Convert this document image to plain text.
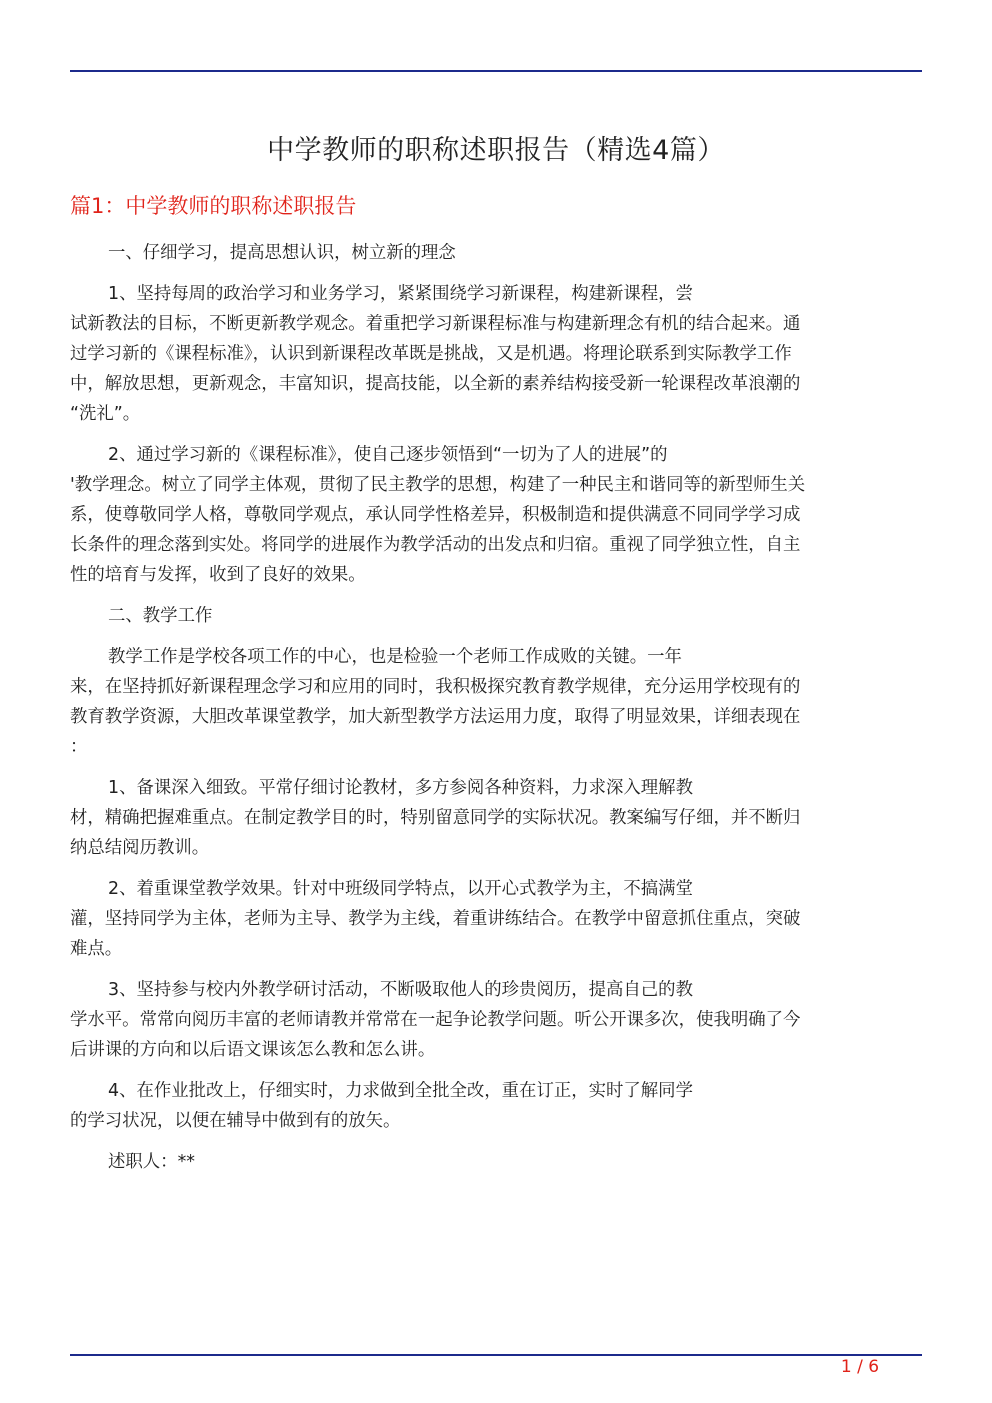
中学教师的职称述职报告（精选4篇）
篇1：中学教师的职称述职报告

一、仔细学习，提高思想认识，树立新的理念

1、坚持每周的政治学习和业务学习，紧紧围绕学习新课程，构建新课程，尝
试新教法的目标，不断更新教学观念。着重把学习新课程标准与构建新理念有机的结合起来。通
过学习新的《课程标准》，认识到新课程改革既是挑战，又是机遇。将理论联系到实际教学工作
中，解放思想，更新观念，丰富知识，提高技能，以全新的素养结构接受新一轮课程改革浪潮的
“洗礼”。

2、通过学习新的《课程标准》，使自己逐步领悟到“一切为了人的进展”的
'教学理念。树立了同学主体观，贯彻了民主教学的思想，构建了一种民主和谐同等的新型师生关
系，使尊敬同学人格，尊敬同学观点，承认同学性格差异，积极制造和提供满意不同同学学习成
长条件的理念落到实处。将同学的进展作为教学活动的出发点和归宿。重视了同学独立性，自主
性的培育与发挥，收到了良好的效果。

二、教学工作

教学工作是学校各项工作的中心，也是检验一个老师工作成败的关键。一年
来，在坚持抓好新课程理念学习和应用的同时，我积极探究教育教学规律，充分运用学校现有的
教育教学资源，大胆改革课堂教学，加大新型教学方法运用力度，取得了明显效果，详细表现在
：

1、备课深入细致。平常仔细讨论教材，多方参阅各种资料，力求深入理解教
材，精确把握难重点。在制定教学目的时，特别留意同学的实际状况。教案编写仔细，并不断归
纳总结阅历教训。

2、着重课堂教学效果。针对中班级同学特点，以开心式教学为主，不搞满堂
灌，坚持同学为主体，老师为主导、教学为主线，着重讲练结合。在教学中留意抓住重点，突破
难点。

3、坚持参与校内外教学研讨活动，不断吸取他人的珍贵阅历，提高自己的教
学水平。常常向阅历丰富的老师请教并常常在一起争论教学问题。听公开课多次，使我明确了今
后讲课的方向和以后语文课该怎么教和怎么讲。

4、在作业批改上，仔细实时，力求做到全批全改，重在订正，实时了解同学
的学习状况，以便在辅导中做到有的放矢。

述职人：**

1 / 6
